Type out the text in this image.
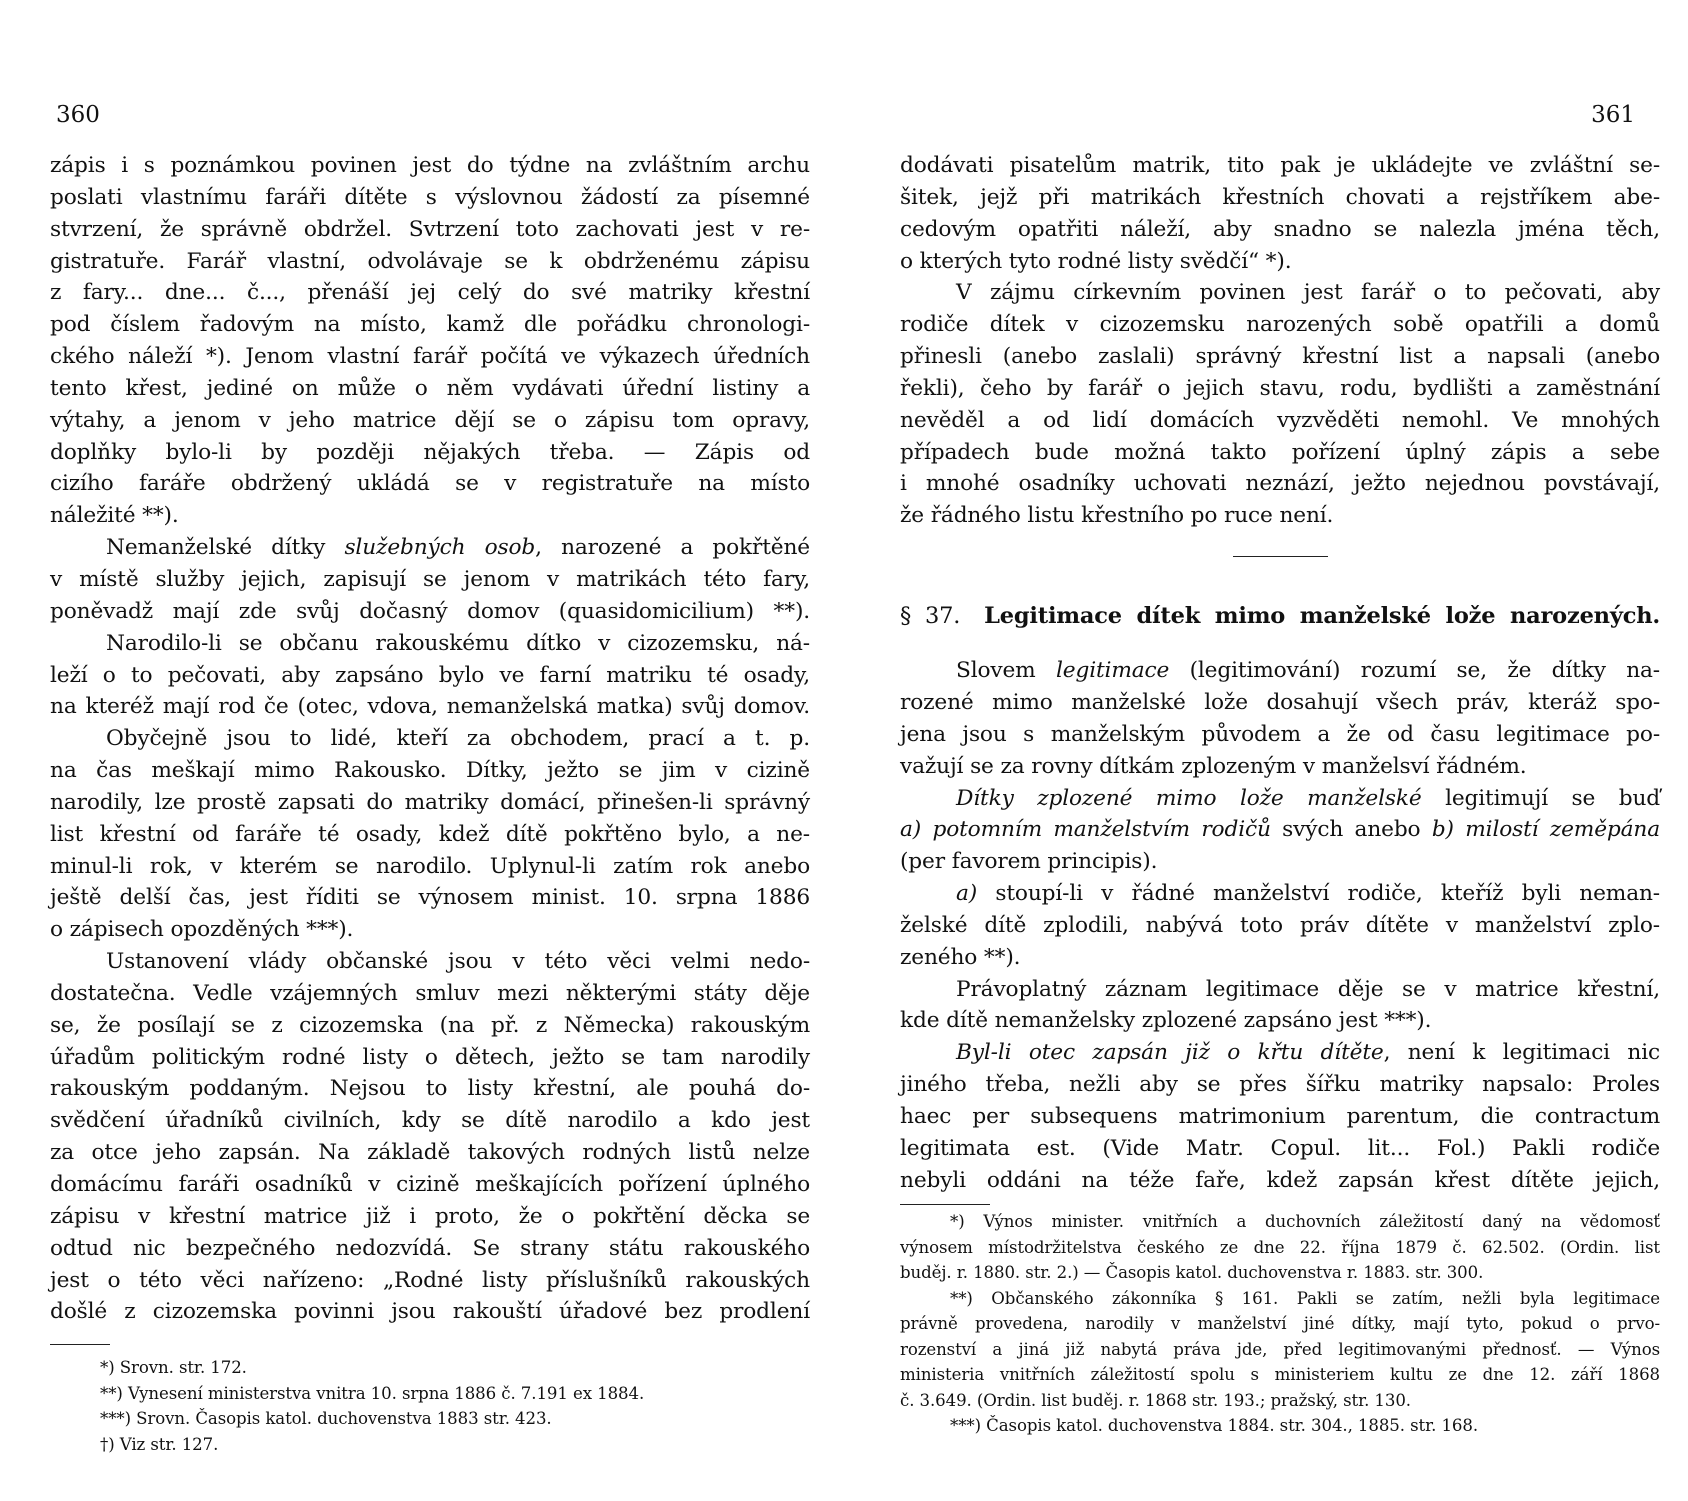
360
zápis i s poznámkou povinen jest do týdne na zvláštním archu
poslati vlastnímu faráři dítěte s výslovnou žádostí za písemné
stvrzení, že správně obdržel. Svtrzení toto zachovati jest v re-
gistratuře. Farář vlastní, odvolávaje se k obdrženému zápisu
z fary... dne... č..., přenáší jej celý do své matriky křestní
pod číslem řadovým na místo, kamž dle pořádku chronologi-
ckého náleží *). Jenom vlastní farář počítá ve výkazech úředních
tento křest, jediné on může o něm vydávati úřední listiny a
výtahy, a jenom v jeho matrice dějí se o zápisu tom opravy,
doplňky bylo-li by později nějakých třeba. — Zápis od
cizího faráře obdržený ukládá se v registratuře na místo
náležité **).
Nemanželské dítky služebných osob, narozené a pokřtěné
v místě služby jejich, zapisují se jenom v matrikách této fary,
poněvadž mají zde svůj dočasný domov (quasidomicilium) **).
Narodilo-li se občanu rakouskému dítko v cizozemsku, ná-
leží o to pečovati, aby zapsáno bylo ve farní matriku té osady,
na kteréž mají rod če (otec, vdova, nemanželská matka) svůj domov.
Obyčejně jsou to lidé, kteří za obchodem, prací a t. p.
na čas meškají mimo Rakousko. Dítky, ježto se jim v cizině
narodily, lze prostě zapsati do matriky domácí, přinešen-li správný
list křestní od faráře té osady, kdež dítě pokřtěno bylo, a ne-
minul-li rok, v kterém se narodilo. Uplynul-li zatím rok anebo
ještě delší čas, jest říditi se výnosem minist. 10. srpna 1886
o zápisech opozděných ***).
Ustanovení vlády občanské jsou v této věci velmi nedo-
dostatečna. Vedle vzájemných smluv mezi některými státy děje
se, že posílají se z cizozemska (na př. z Německa) rakouským
úřadům politickým rodné listy o dětech, ježto se tam narodily
rakouským poddaným. Nejsou to listy křestní, ale pouhá do-
svědčení úřadníků civilních, kdy se dítě narodilo a kdo jest
za otce jeho zapsán. Na základě takových rodných listů nelze
domácímu faráři osadníků v cizině meškajících pořízení úplného
zápisu v křestní matrice již i proto, že o pokřtění děcka se
odtud nic bezpečného nedozvídá. Se strany státu rakouského
jest o této věci nařízeno: „Rodné listy příslušníků rakouských
došlé z cizozemska povinni jsou rakouští úřadové bez prodlení
*) Srovn. str. 172.
**) Vynesení ministerstva vnitra 10. srpna 1886 č. 7.191 ex 1884.
***) Srovn. Časopis katol. duchovenstva 1883 str. 423.
†) Viz str. 127.
361
dodávati pisatelům matrik, tito pak je ukládejte ve zvláštní se-
šitek, jejž při matrikách křestních chovati a rejstříkem abe-
cedovým opatřiti náleží, aby snadno se nalezla jména těch,
o kterých tyto rodné listy svědčí“ *).
V zájmu církevním povinen jest farář o to pečovati, aby
rodiče dítek v cizozemsku narozených sobě opatřili a domů
přinesli (anebo zaslali) správný křestní list a napsali (anebo
řekli), čeho by farář o jejich stavu, rodu, bydlišti a zaměstnání
nevěděl a od lidí domácích vyzvěděti nemohl. Ve mnohých
případech bude možná takto pořízení úplný zápis a sebe
i mnohé osadníky uchovati neznází, ježto nejednou povstávají,
že řádného listu křestního po ruce není.
§ 37. Legitimace dítek mimo manželské lože narozených.
Slovem legitimace (legitimování) rozumí se, že dítky na-
rozené mimo manželské lože dosahují všech práv, kteráž spo-
jena jsou s manželským původem a že od času legitimace po-
važují se za rovny dítkám zplozeným v manželsví řádném.
Dítky zplozené mimo lože manželské legitimují se buď
a) potomním manželstvím rodičů svých anebo b) milostí zeměpána
(per favorem principis).
a) stoupí-li v řádné manželství rodiče, kteříž byli neman-
želské dítě zplodili, nabývá toto práv dítěte v manželství zplo-
zeného **).
Právoplatný záznam legitimace děje se v matrice křestní,
kde dítě nemanželsky zplozené zapsáno jest ***).
Byl-li otec zapsán již o křtu dítěte, není k legitimaci nic
jiného třeba, nežli aby se přes šířku matriky napsalo: Proles
haec per subsequens matrimonium parentum, die contractum
legitimata est. (Vide Matr. Copul. lit... Fol.) Pakli rodiče
nebyli oddáni na téže faře, kdež zapsán křest dítěte jejich,
*) Výnos minister. vnitřních a duchovních záležitostí daný na vědomosť
výnosem místodržitelstva českého ze dne 22. října 1879 č. 62.502. (Ordin. list
buděj. r. 1880. str. 2.) — Časopis katol. duchovenstva r. 1883. str. 300.
**) Občanského zákonníka § 161. Pakli se zatím, nežli byla legitimace
právně provedena, narodily v manželství jiné dítky, mají tyto, pokud o prvo-
rozenství a jiná již nabytá práva jde, před legitimovanými přednosť. — Výnos
ministeria vnitřních záležitostí spolu s ministeriem kultu ze dne 12. září 1868
č. 3.649. (Ordin. list buděj. r. 1868 str. 193.; pražský, str. 130.
***) Časopis katol. duchovenstva 1884. str. 304., 1885. str. 168.
